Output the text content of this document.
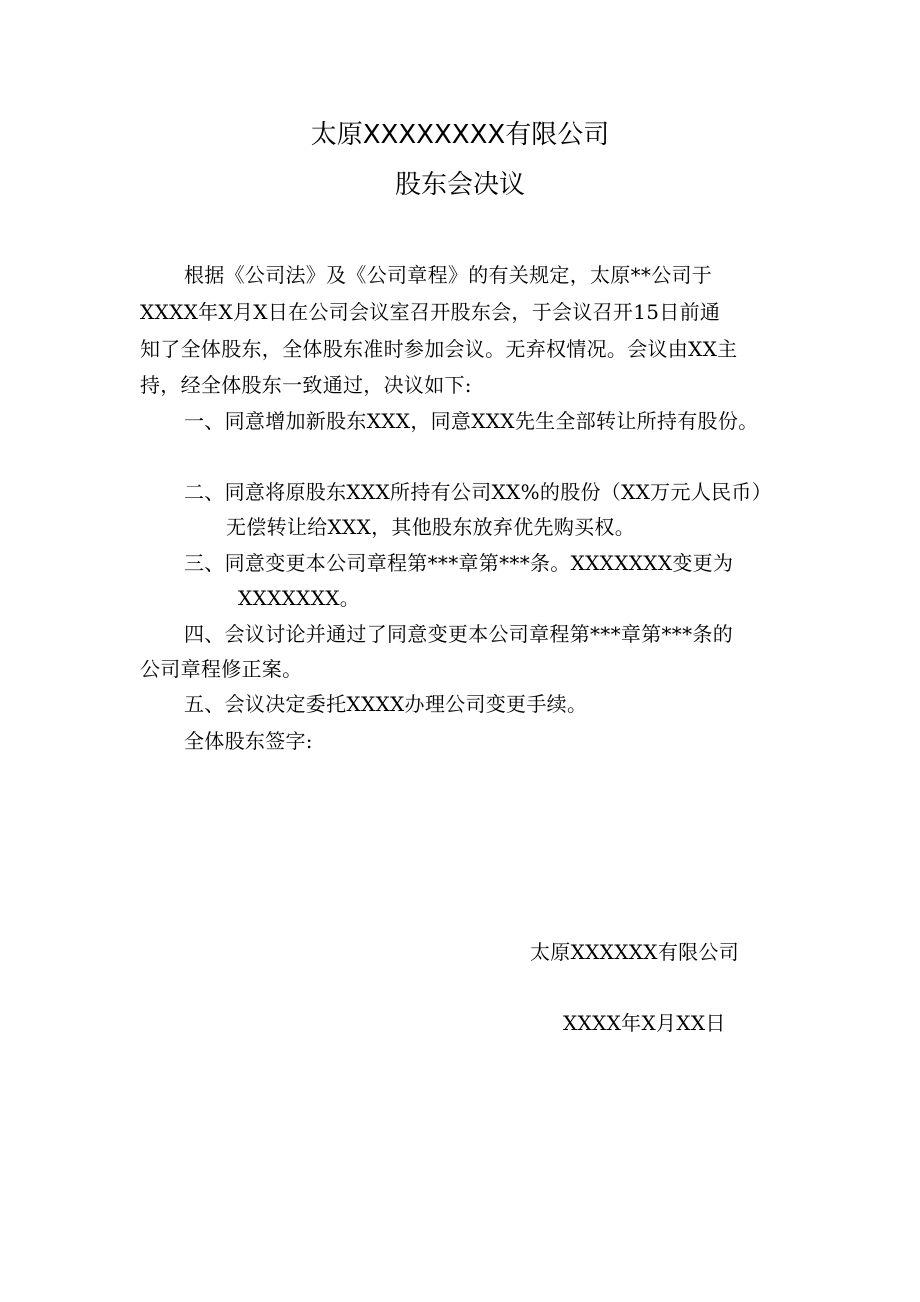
太原XXXXXXXX有限公司
股东会决议
根据《公司法》及《公司章程》的有关规定，太原**公司于
XXXX年X月X日在公司会议室召开股东会，于会议召开15日前通
知了全体股东，全体股东准时参加会议。无弃权情况。会议由XX主
持，经全体股东一致通过，决议如下:
一、同意增加新股东XXX，同意XXX先生全部转让所持有股份。
二、同意将原股东XXX所持有公司XX%的股份（XX万元人民币）
无偿转让给XXX，其他股东放弃优先购买权。
三、同意变更本公司章程第***章第***条。XXXXXXX变更为
XXXXXXX。
四、会议讨论并通过了同意变更本公司章程第***章第***条的
公司章程修正案。
五、会议决定委托XXXX办理公司变更手续。
全体股东签字:
太原XXXXXX有限公司
XXXX年X月XX日
